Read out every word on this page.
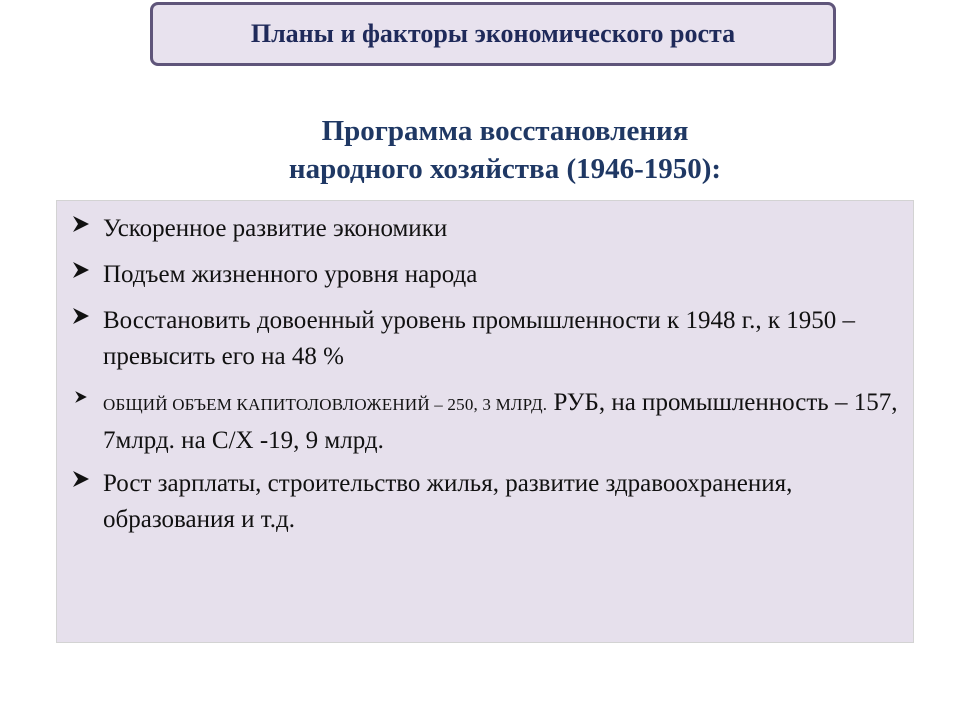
Планы и факторы экономического роста
Программа восстановления
народного хозяйства (1946-1950):
Ускоренное развитие экономики
Подъем жизненного уровня народа
Восстановить довоенный уровень промышленности к 1948 г., к 1950 – превысить его на 48 %
ОБЩИЙ ОБЪЕМ КАПИТОЛОВЛОЖЕНИЙ – 250, 3 МЛРД. РУБ, на промышленность – 157, 7млрд. на С/Х -19, 9 млрд.
Рост зарплаты, строительство жилья, развитие здравоохранения, образования и т.д.
